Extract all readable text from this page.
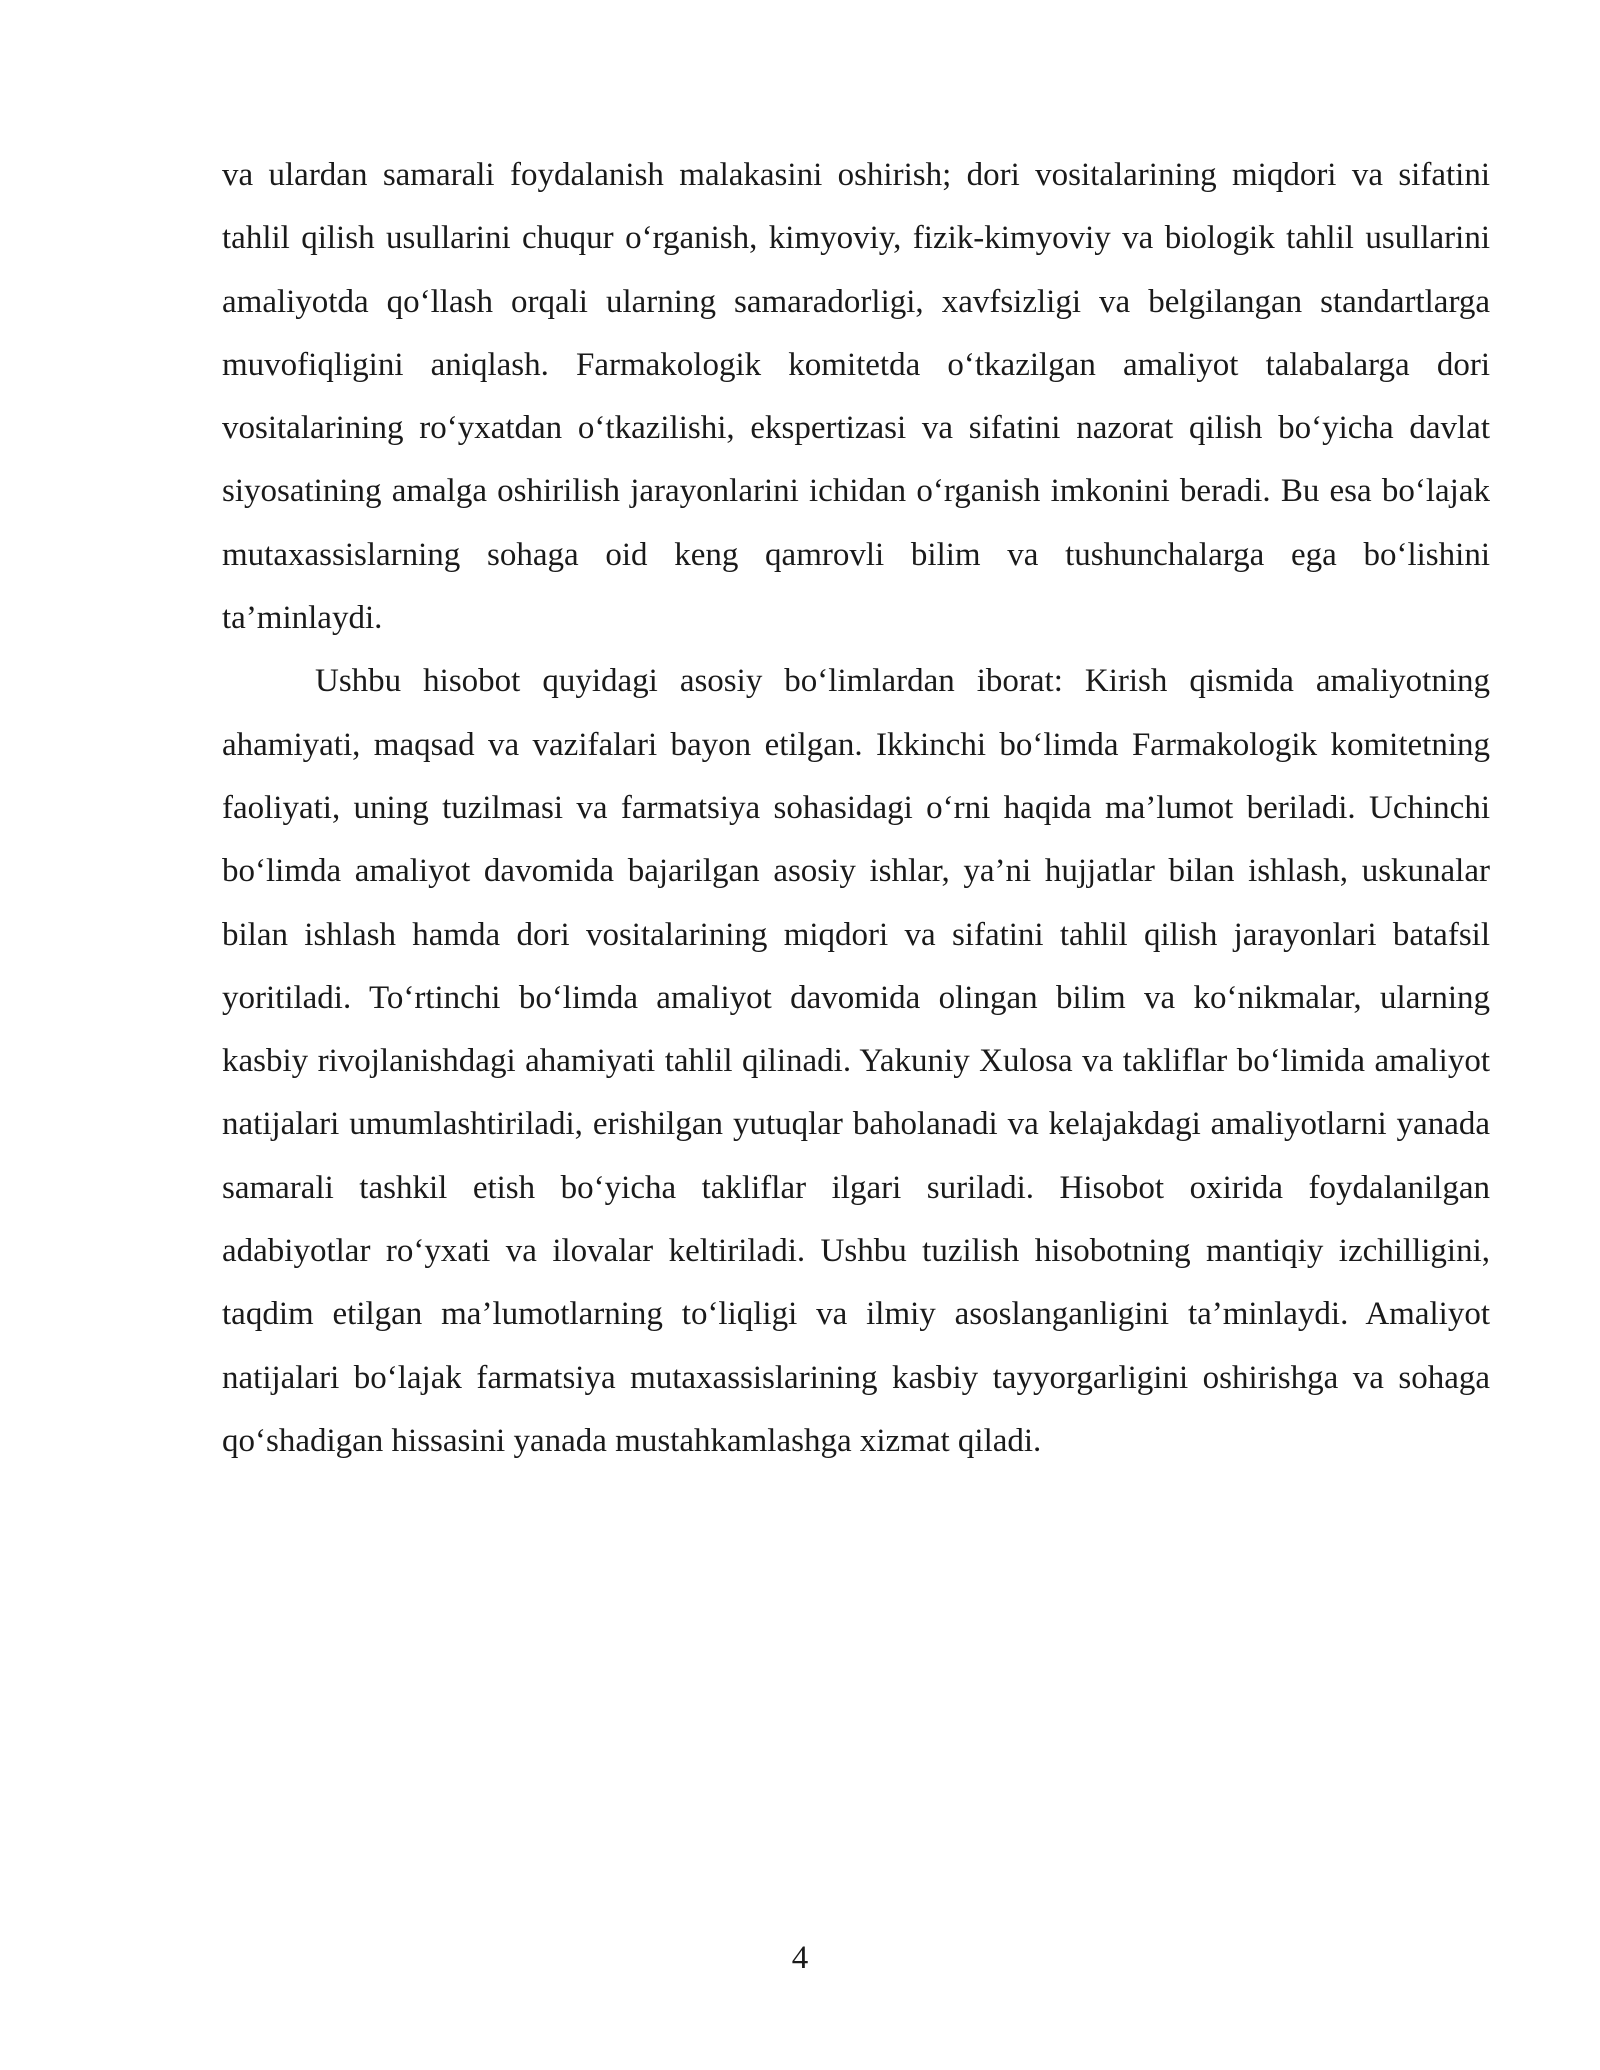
va ulardan samarali foydalanish malakasini oshirish; dori vositalarining miqdori va sifatini tahlil qilish usullarini chuqur o‘rganish, kimyoviy, fizik-kimyoviy va biologik tahlil usullarini amaliyotda qo‘llash orqali ularning samaradorligi, xavfsizligi va belgilangan standartlarga muvofiqligini aniqlash. Farmakologik komitetda o‘tkazilgan amaliyot talabalarga dori vositalarining ro‘yxatdan o‘tkazilishi, ekspertizasi va sifatini nazorat qilish bo‘yicha davlat siyosatining amalga oshirilish jarayonlarini ichidan o‘rganish imkonini beradi. Bu esa bo‘lajak mutaxassislarning sohaga oid keng qamrovli bilim va tushunchalarga ega bo‘lishini ta’minlaydi.

Ushbu hisobot quyidagi asosiy bo‘limlardan iborat: Kirish qismida amaliyotning ahamiyati, maqsad va vazifalari bayon etilgan. Ikkinchi bo‘limda Farmakologik komitetning faoliyati, uning tuzilmasi va farmatsiya sohasidagi o‘rni haqida ma’lumot beriladi. Uchinchi bo‘limda amaliyot davomida bajarilgan asosiy ishlar, ya’ni hujjatlar bilan ishlash, uskunalar bilan ishlash hamda dori vositalarining miqdori va sifatini tahlil qilish jarayonlari batafsil yoritiladi. To‘rtinchi bo‘limda amaliyot davomida olingan bilim va ko‘nikmalar, ularning kasbiy rivojlanishdagi ahamiyati tahlil qilinadi. Yakuniy Xulosa va takliflar bo‘limida amaliyot natijalari umumlashtiriladi, erishilgan yutuqlar baholanadi va kelajakdagi amaliyotlarni yanada samarali tashkil etish bo‘yicha takliflar ilgari suriladi. Hisobot oxirida foydalanilgan adabiyotlar ro‘yxati va ilovalar keltiriladi. Ushbu tuzilish hisobotning mantiqiy izchilligini, taqdim etilgan ma’lumotlarning to‘liqligi va ilmiy asoslanganligini ta’minlaydi. Amaliyot natijalari bo‘lajak farmatsiya mutaxassislarining kasbiy tayyorgarligini oshirishga va sohaga qo‘shadigan hissasini yanada mustahkamlashga xizmat qiladi.

4
